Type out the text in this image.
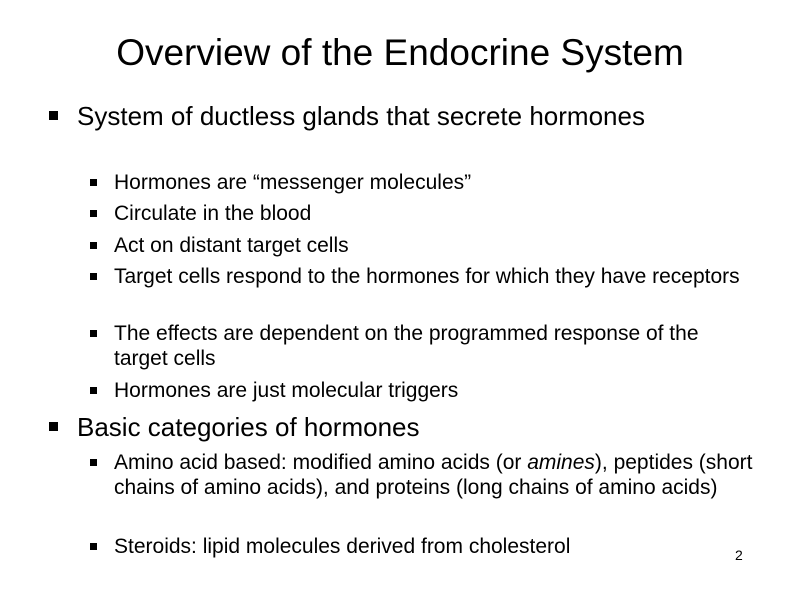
Overview of the Endocrine System
System of ductless glands that secrete hormones
Hormones are “messenger molecules”
Circulate in the blood
Act on distant target cells
Target cells respond to the hormones for which they have receptors
The effects are dependent on the programmed response of the target cells
Hormones are just molecular triggers
Basic categories of hormones
Amino acid based: modified amino acids (or amines), peptides (short chains of amino acids), and proteins (long chains of amino acids)
Steroids: lipid molecules derived from cholesterol	2
